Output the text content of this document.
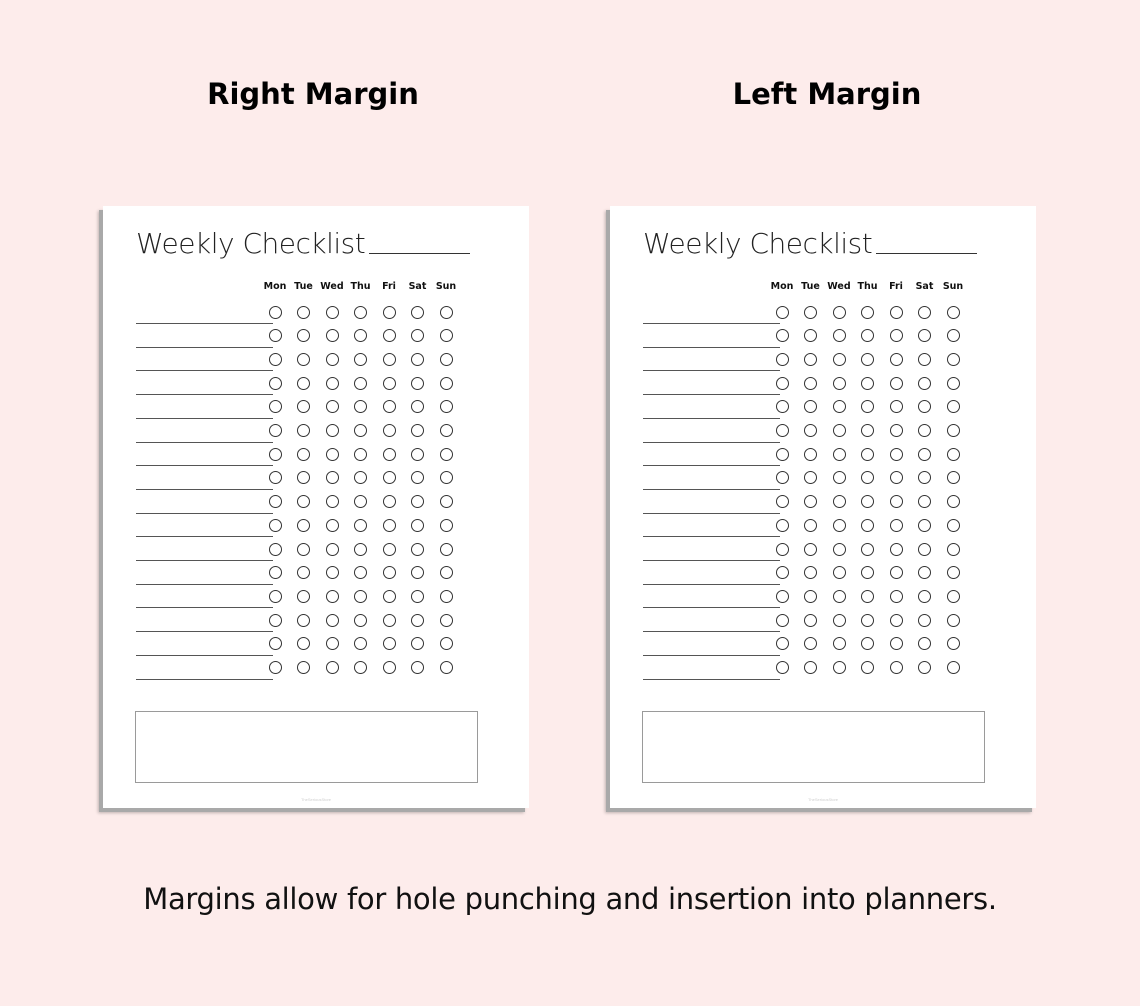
Right Margin	Left Margin
Weekly Checklist
Mon Tue Wed Thu	Fri	Sat Sun
TheSeriousStore
Weekly Checklist
Mon Tue Wed Thu	Fri	Sat Sun
TheSeriousStore
Margins allow for hole punching and insertion into planners.
